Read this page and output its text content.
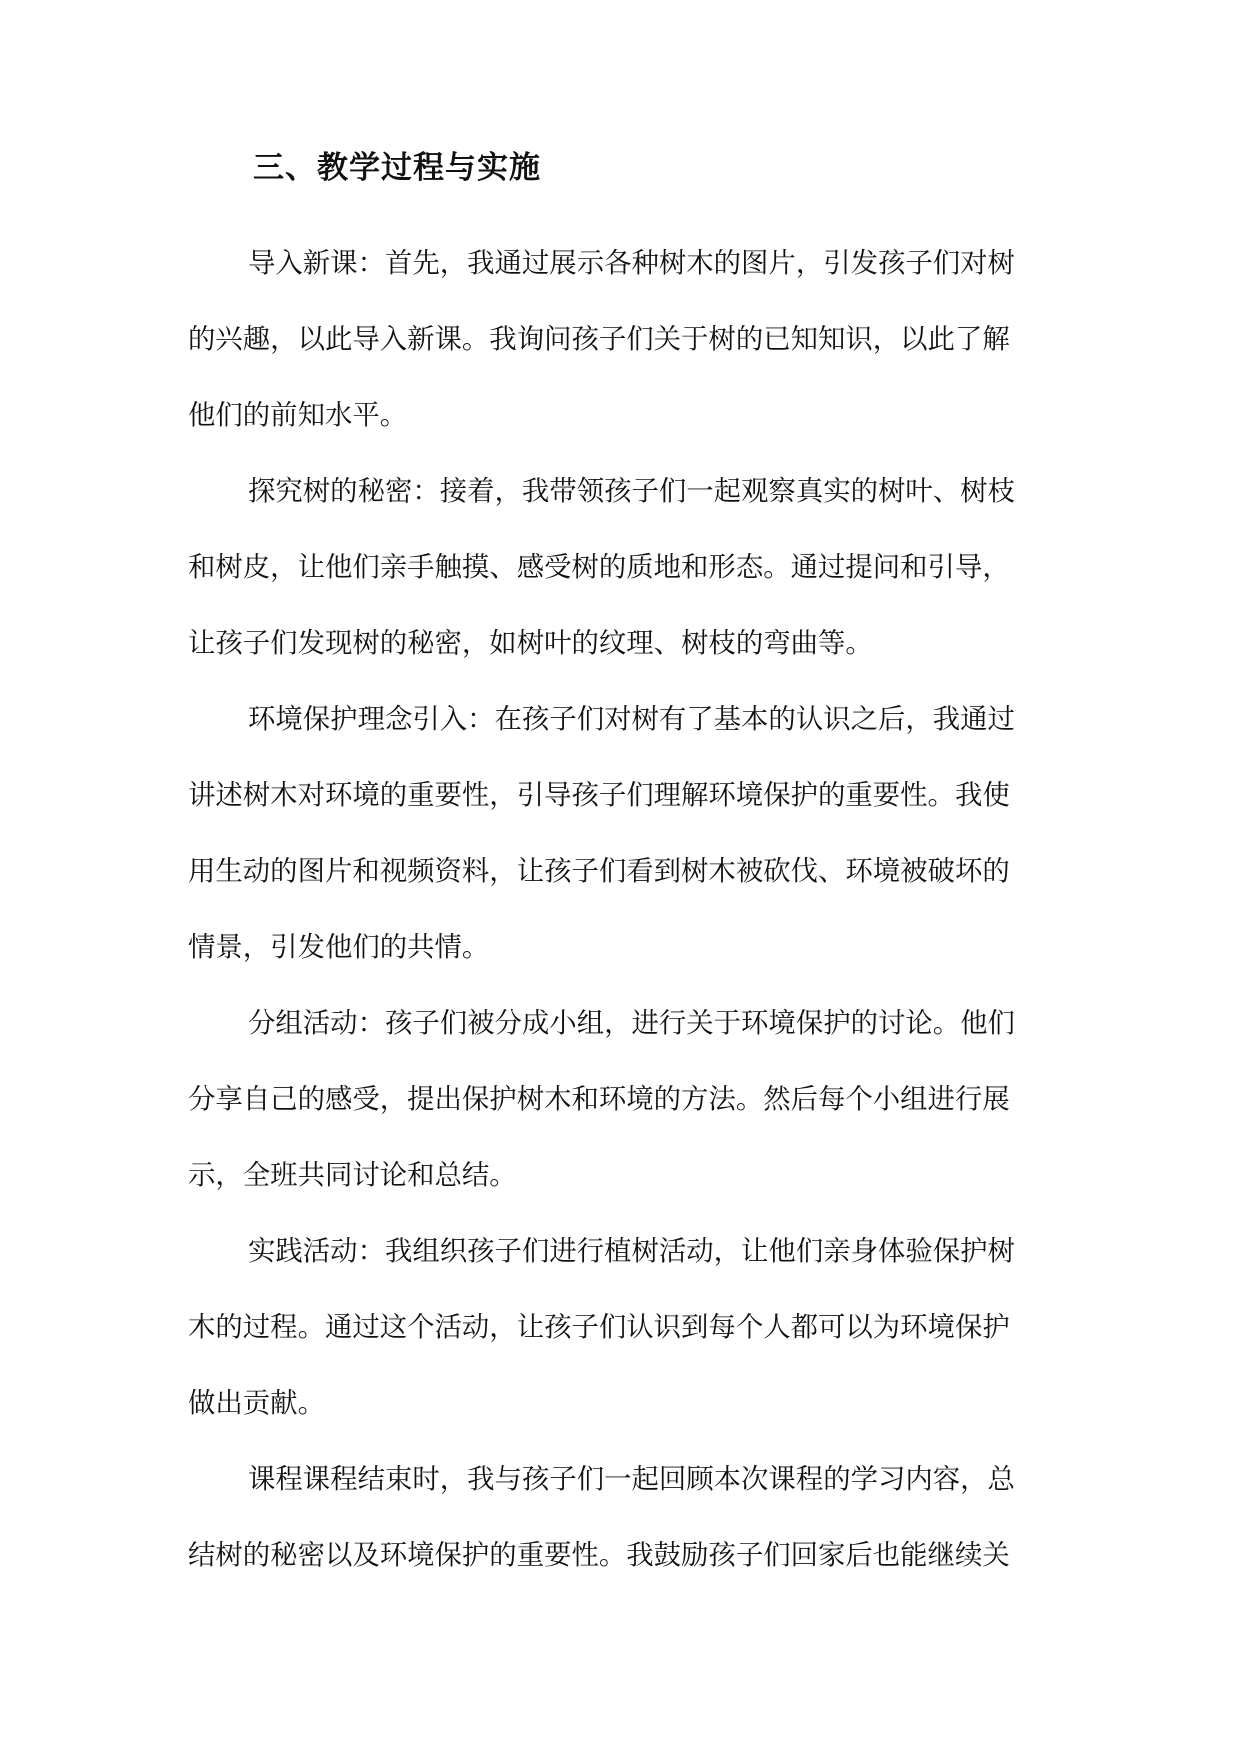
三、教学过程与实施
导入新课：首先，我通过展示各种树木的图片，引发孩子们对树
的兴趣，以此导入新课。我询问孩子们关于树的已知知识，以此了解
他们的前知水平。
探究树的秘密：接着，我带领孩子们一起观察真实的树叶、树枝
和树皮，让他们亲手触摸、感受树的质地和形态。通过提问和引导，
让孩子们发现树的秘密，如树叶的纹理、树枝的弯曲等。
环境保护理念引入：在孩子们对树有了基本的认识之后，我通过
讲述树木对环境的重要性，引导孩子们理解环境保护的重要性。我使
用生动的图片和视频资料，让孩子们看到树木被砍伐、环境被破坏的
情景，引发他们的共情。
分组活动：孩子们被分成小组，进行关于环境保护的讨论。他们
分享自己的感受，提出保护树木和环境的方法。然后每个小组进行展
示，全班共同讨论和总结。
实践活动：我组织孩子们进行植树活动，让他们亲身体验保护树
木的过程。通过这个活动，让孩子们认识到每个人都可以为环境保护
做出贡献。
课程课程结束时，我与孩子们一起回顾本次课程的学习内容，总
结树的秘密以及环境保护的重要性。我鼓励孩子们回家后也能继续关
